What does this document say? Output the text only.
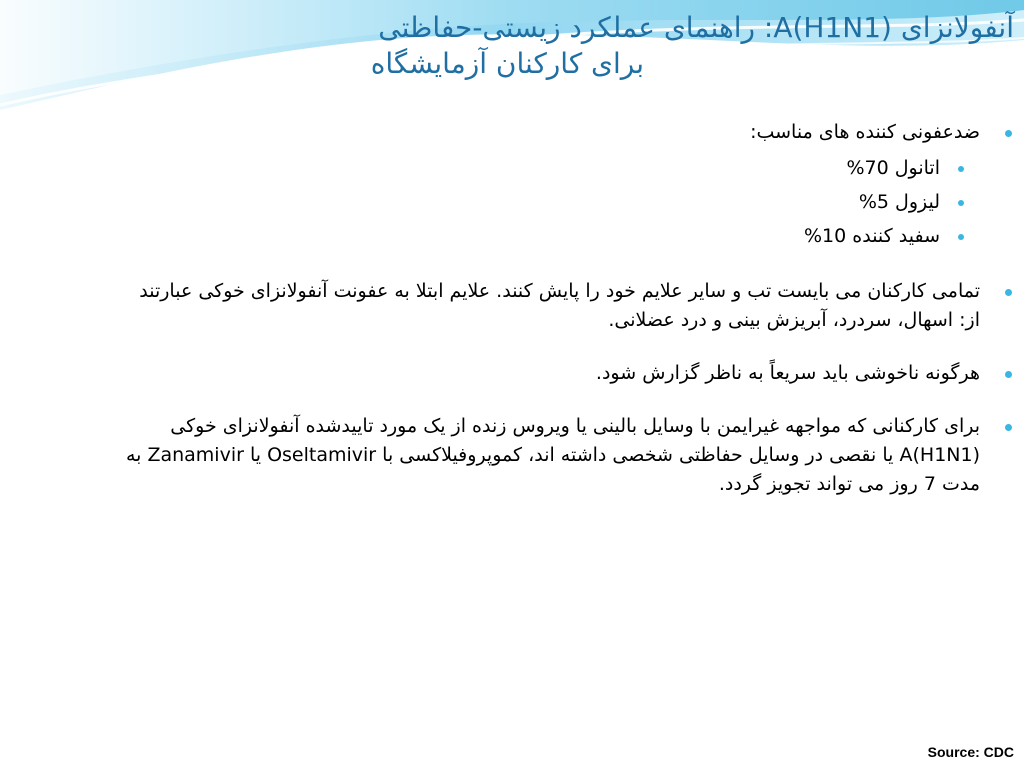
آنفولانزای A(H1N1): راهنمای عملکرد زیستی-حفاظتی
برای کارکنان آزمایشگاه
ضدعفونی کننده های مناسب:
اتانول 70%
لیزول 5%
سفید کننده 10%
تمامی کارکنان می بایست تب و سایر علایم خود را پایش کنند. علایم ابتلا به عفونت آنفولانزای خوکی عبارتند از: اسهال، سردرد، آبریزش بینی و درد عضلانی.
هرگونه ناخوشی باید سریعاً به ناظر گزارش شود.
برای کارکنانی که مواجهه غیرایمن با وسایل بالینی یا ویروس زنده از یک مورد تاییدشده آنفولانزای خوکی A(H1N1) یا نقصی در وسایل حفاظتی شخصی داشته اند، کموپروفیلاکسی با Oseltamivir یا Zanamivir به مدت 7 روز می تواند تجویز گردد.
Source: CDC
